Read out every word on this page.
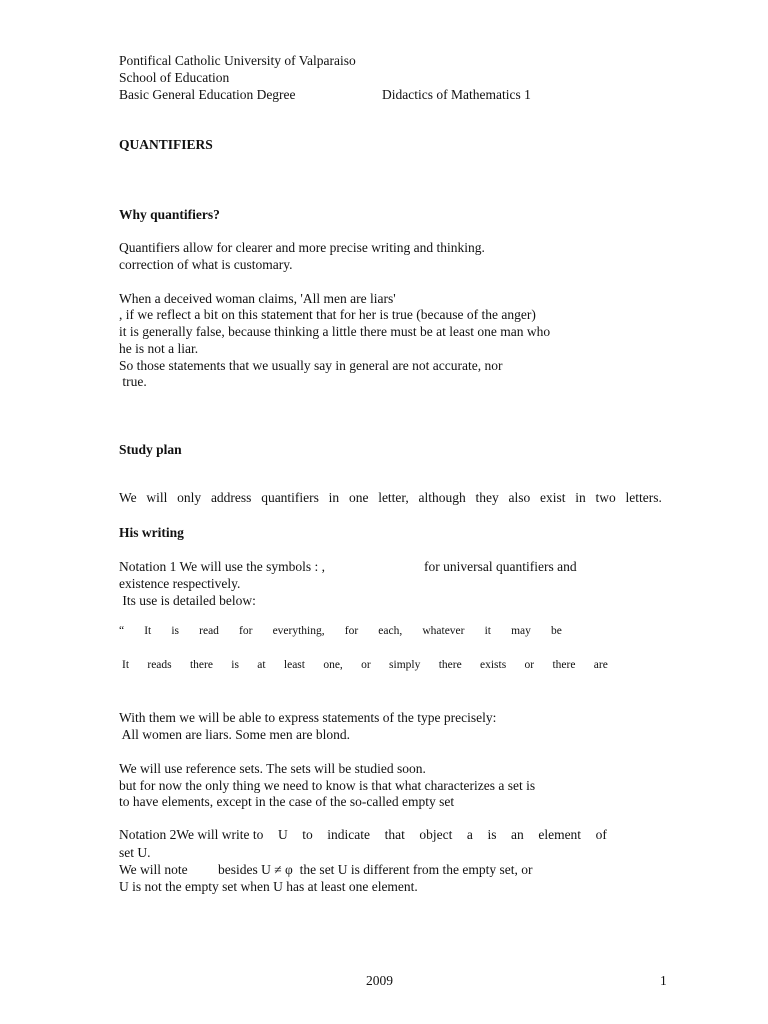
Pontifical Catholic University of Valparaiso
School of Education
Basic General Education Degree	Didactics of Mathematics 1
QUANTIFIERS
Why quantifiers?
Quantifiers allow for clearer and more precise writing and thinking.
correction of what is customary.
When a deceived woman claims, 'All men are liars'
, if we reflect a bit on this statement that for her is true (because of the anger)
it is generally false, because thinking a little there must be at least one man who
he is not a liar.
So those statements that we usually say in general are not accurate, nor
true.
Study plan
We will only address quantifiers in one letter, although they also exist in two letters.
His writing
Notation 1 We will use the symbols : ,	for universal quantifiers and
existence respectively.
Its use is detailed below:
“ It is read for everything, for each, whatever it may be
It reads there is at least one, or simply there exists or there are
With them we will be able to express statements of the type precisely:
All women are liars. Some men are blond.
We will use reference sets. The sets will be studied soon.
but for now the only thing we need to know is that what characterizes a set is
to have elements, except in the case of the so-called empty set
Notation 2We will write to U to indicate that object a is an element of
set U.
We will note besides U ≠ φ  the set U is different from the empty set, or
U is not the empty set when U has at least one element.
2009	1
